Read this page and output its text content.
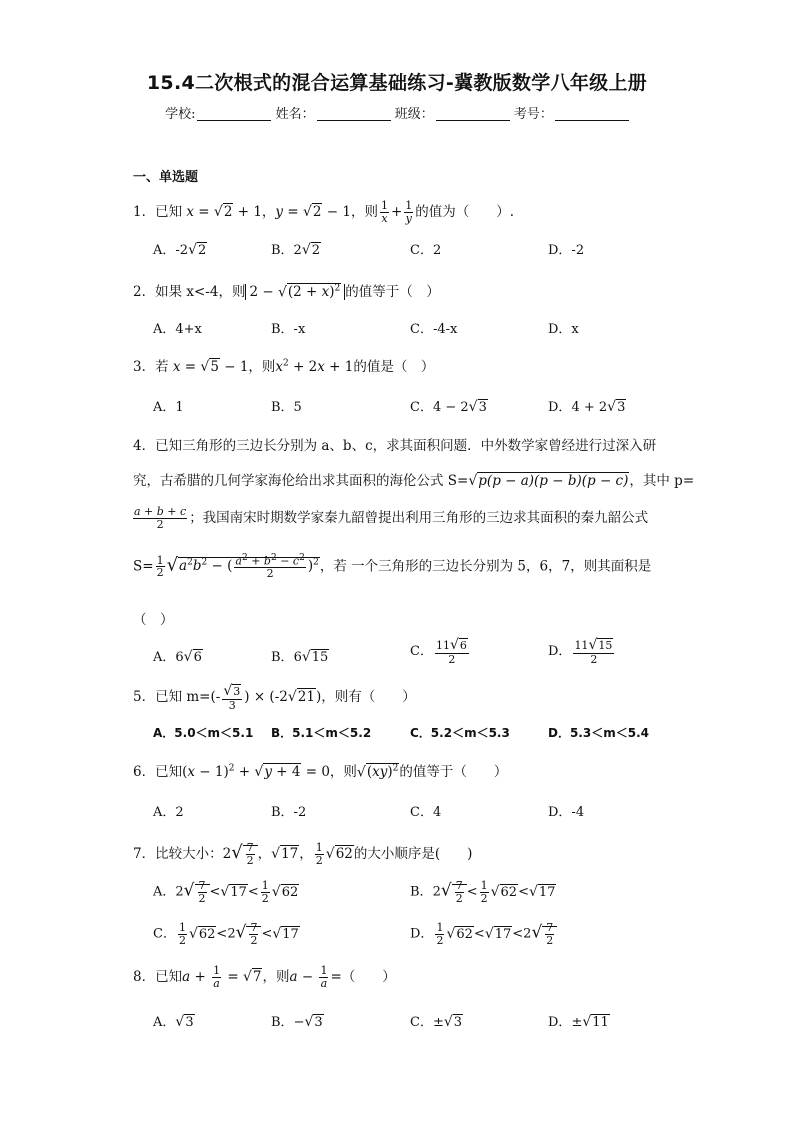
15.4二次根式的混合运算基础练习-冀教版数学八年级上册
学校:	姓名：	班级：	考号：
一、单选题
1．已知 x = √2 + 1，y = √2 − 1，则 $\frac{1}{x} + \frac{1}{y}$ 的值为（　　）.
A．-2√2	B．2√2	C．2	D．-2
2．如果 x<-4，则 $2 - √(2 + x)^2$ 的值等于（　）
A．4+x	B．-x	C．-4-x	D．x
3．若 x = √5 − 1，则$x^2 + 2x + 1$的值是（　）
A．1	B．5	C．4 − 2√3	D．4 + 2√3
4．已知三角形的三边长分别为 a、b、c，求其面积问题．中外数学家曾经进行过深入研
究，古希腊的几何学家海伦给出求其面积的海伦公式 S=√p(p − a)(p − b)(p − c)，其中 p=
$\frac{a + b + c}{2}$ ；我国南宋时期数学家秦九韶曾提出利用三角形的三边求其面积的秦九韶公式
$S= \frac{1}{2} √a^2b^2$ − ( $\frac{a^2 + b^2 - c^2}{2} )^2$，若 一个三角形的三边长分别为 5，6，7，则其面积是
（　）
A．6√6	B．6√15	C． $\frac{11√6}{2}$	D． $\frac{11√15}{2}$
5．已知 $m=(- \frac{√3}{3}$ ) × (-2√21)，则有（　　）
A．5.0＜m＜5.1 B．5.1＜m＜5.2	C．5.2＜m＜5.3	D．5.3＜m＜5.4
6．已知$(x - 1)^2 + √y + 4 = 0$，则√(xy)$^2$的值等于（　　）
A．2	B．-2	C．4	D．-4
7．比较大小：$2√ \frac{7}{2}$ ，√17， $\frac{1}{2} √62$的大小顺序是(　　)
A．$2√ \frac{7}{2} <√17< \frac{1}{2} √62$	B．$2√ \frac{7}{2} < \frac{1}{2} √62<√17$
C． $\frac{1}{2} √62<2√ \frac{7}{2} <√17$	D． $\frac{1}{2} √62<√17<2√ \frac{7}{2}$
8．已知$a + \frac{1}{a} = √7$，则$a - \frac{1}{a}$ =（　　）
A．√3	B．−√3	C．±√3	D．±√11
